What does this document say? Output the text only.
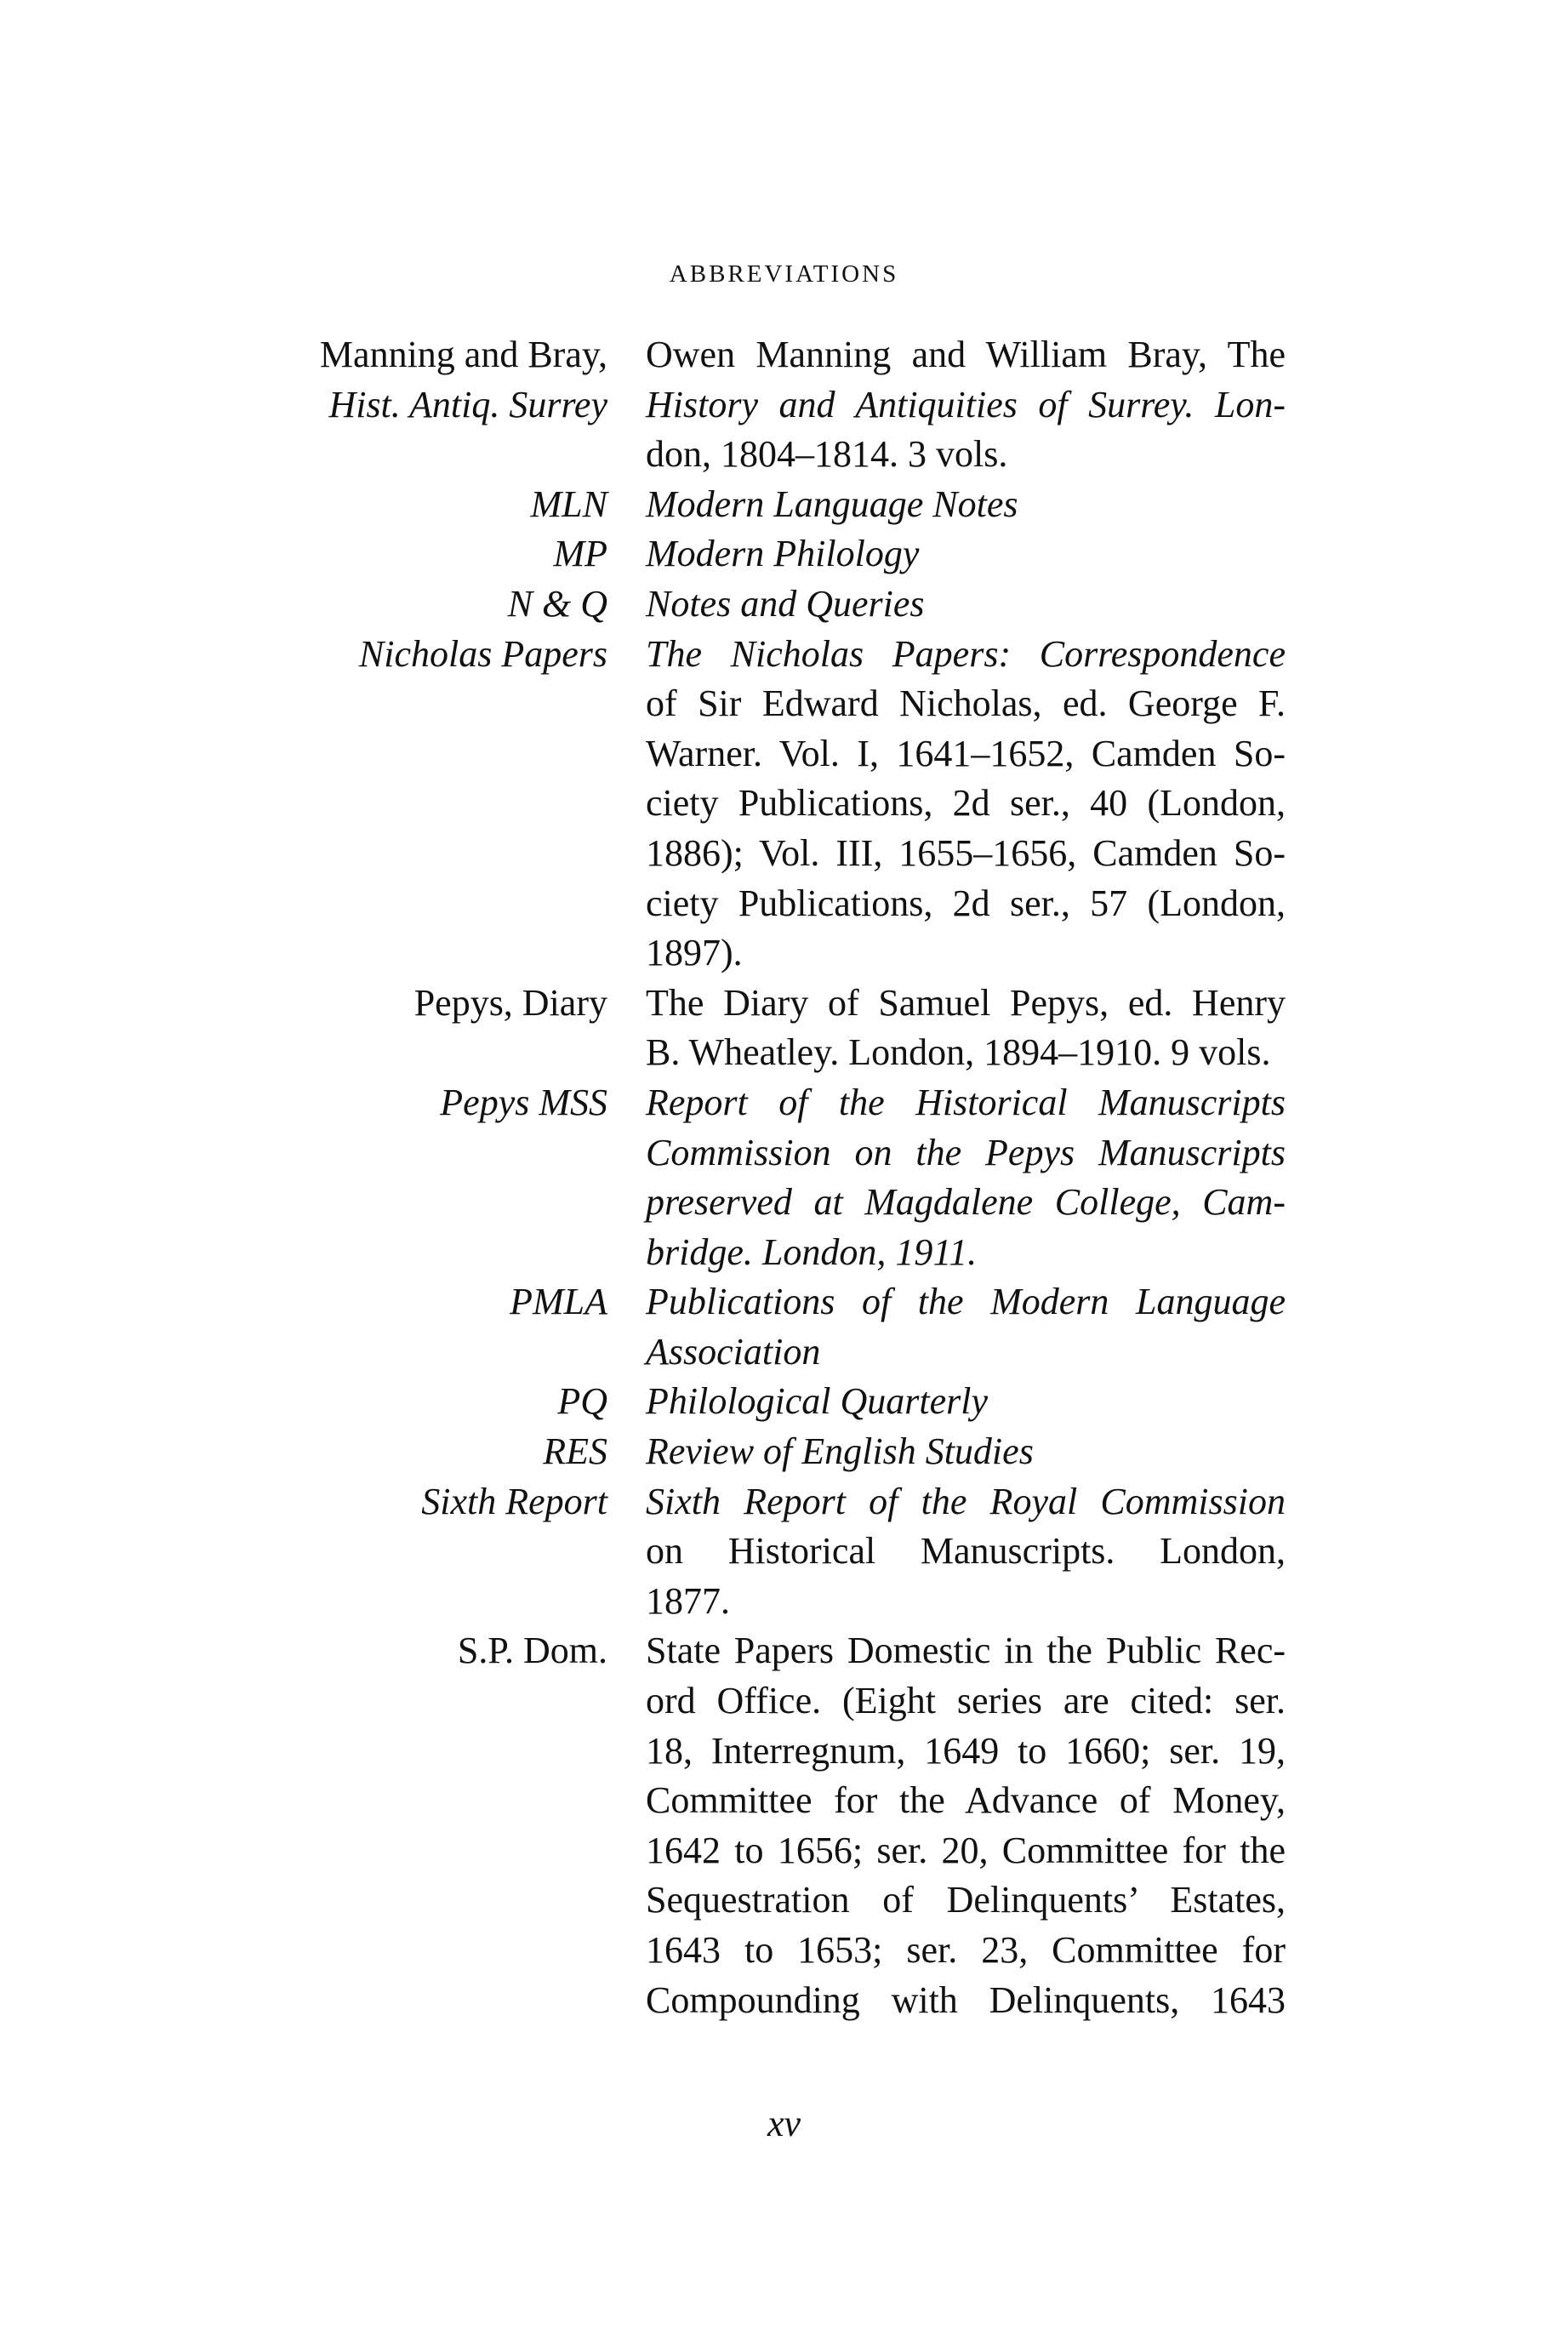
ABBREVIATIONS
Manning and Bray,
Hist. Antiq. Surrey
Owen Manning and William Bray, The
History and Antiquities of Surrey. Lon-
don, 1804–1814. 3 vols.
MLN Modern Language Notes
MP Modern Philology
N & Q Notes and Queries
Nicholas Papers The Nicholas Papers: Correspondence
of Sir Edward Nicholas, ed. George F.
Warner. Vol. I, 1641–1652, Camden So-
ciety Publications, 2d ser., 40 (London,
1886); Vol. III, 1655–1656, Camden So-
ciety Publications, 2d ser., 57 (London,
1897).
Pepys, Diary The Diary of Samuel Pepys, ed. Henry
B. Wheatley. London, 1894–1910. 9 vols.
Pepys MSS Report of the Historical Manuscripts
Commission on the Pepys Manuscripts
preserved at Magdalene College, Cam-
bridge. London, 1911.
PMLA Publications of the Modern Language
Association
PQ Philological Quarterly
RES Review of English Studies
Sixth Report Sixth Report of the Royal Commission
on Historical Manuscripts. London,
1877.
S.P. Dom. State Papers Domestic in the Public Rec-
ord Office. (Eight series are cited: ser.
18, Interregnum, 1649 to 1660; ser. 19,
Committee for the Advance of Money,
1642 to 1656; ser. 20, Committee for the
Sequestration of Delinquents’ Estates,
1643 to 1653; ser. 23, Committee for
Compounding with Delinquents, 1643
xv
